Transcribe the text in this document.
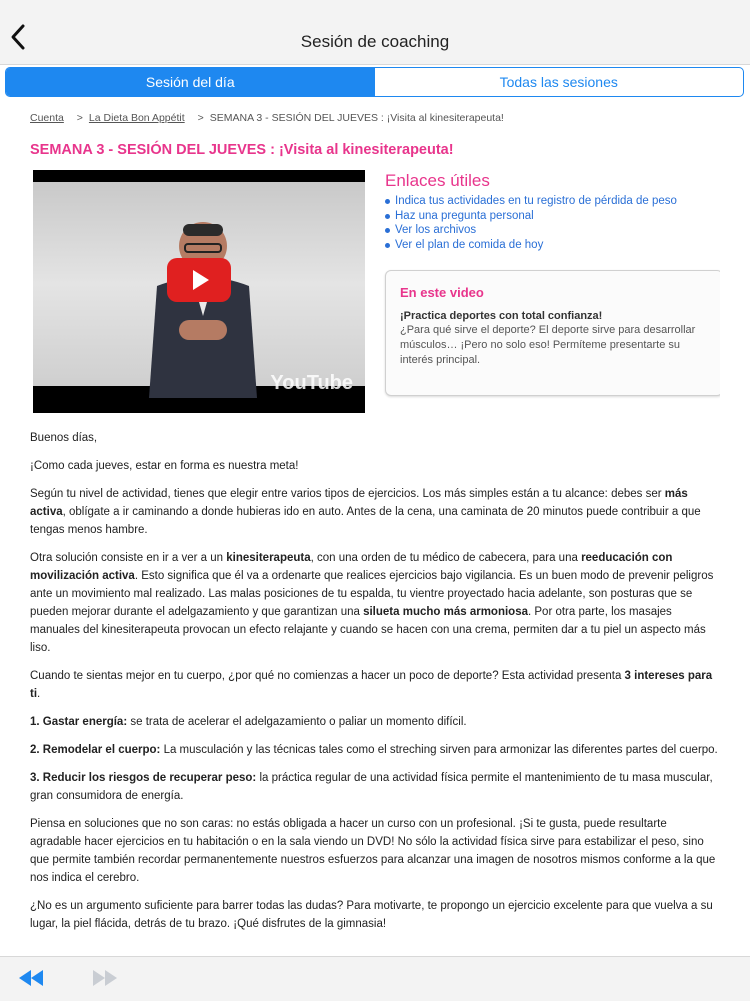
Sesión de coaching
Sesión del día	Todas las sesiones
Cuenta > La Dieta Bon Appétit > SEMANA 3 - SESIÓN DEL JUEVES : ¡Visita al kinesiterapeuta!
SEMANA 3 - SESIÓN DEL JUEVES : ¡Visita al kinesiterapeuta!
YouTube
Enlaces útiles
Indica tus actividades en tu registro de pérdida de peso
Haz una pregunta personal
Ver los archivos
Ver el plan de comida de hoy
En este video
¡Practica deportes con total confianza!
¿Para qué sirve el deporte? El deporte sirve para desarrollar músculos… ¡Pero no solo eso! Permíteme presentarte su interés principal.

Buenos días,

¡Como cada jueves, estar en forma es nuestra meta!

Según tu nivel de actividad, tienes que elegir entre varios tipos de ejercicios. Los más simples están a tu alcance: debes ser más activa, oblígate a ir caminando a donde hubieras ido en auto. Antes de la cena, una caminata de 20 minutos puede contribuir a que tengas menos hambre.

Otra solución consiste en ir a ver a un kinesiterapeuta, con una orden de tu médico de cabecera, para una reeducación con movilización activa. Esto significa que él va a ordenarte que realices ejercicios bajo vigilancia. Es un buen modo de prevenir peligros ante un movimiento mal realizado. Las malas posiciones de tu espalda, tu vientre proyectado hacia adelante, son posturas que se pueden mejorar durante el adelgazamiento y que garantizan una silueta mucho más armoniosa. Por otra parte, los masajes manuales del kinesiterapeuta provocan un efecto relajante y cuando se hacen con una crema, permiten dar a tu piel un aspecto más liso.

Cuando te sientas mejor en tu cuerpo, ¿por qué no comienzas a hacer un poco de deporte? Esta actividad presenta 3 intereses para ti.

1. Gastar energía: se trata de acelerar el adelgazamiento o paliar un momento difícil.

2. Remodelar el cuerpo: La musculación y las técnicas tales como el streching sirven para armonizar las diferentes partes del cuerpo.

3. Reducir los riesgos de recuperar peso: la práctica regular de una actividad física permite el mantenimiento de tu masa muscular, gran consumidora de energía.

Piensa en soluciones que no son caras: no estás obligada a hacer un curso con un profesional. ¡Si te gusta, puede resultarte agradable hacer ejercicios en tu habitación o en la sala viendo un DVD! No sólo la actividad física sirve para estabilizar el peso, sino que permite también recordar permanentemente nuestros esfuerzos para alcanzar una imagen de nosotros mismos conforme a la que nos indica el cerebro.

¿No es un argumento suficiente para barrer todas las dudas? Para motivarte, te propongo un ejercicio excelente para que vuelva a su lugar, la piel flácida, detrás de tu brazo. ¡Qué disfrutes de la gimnasia!
